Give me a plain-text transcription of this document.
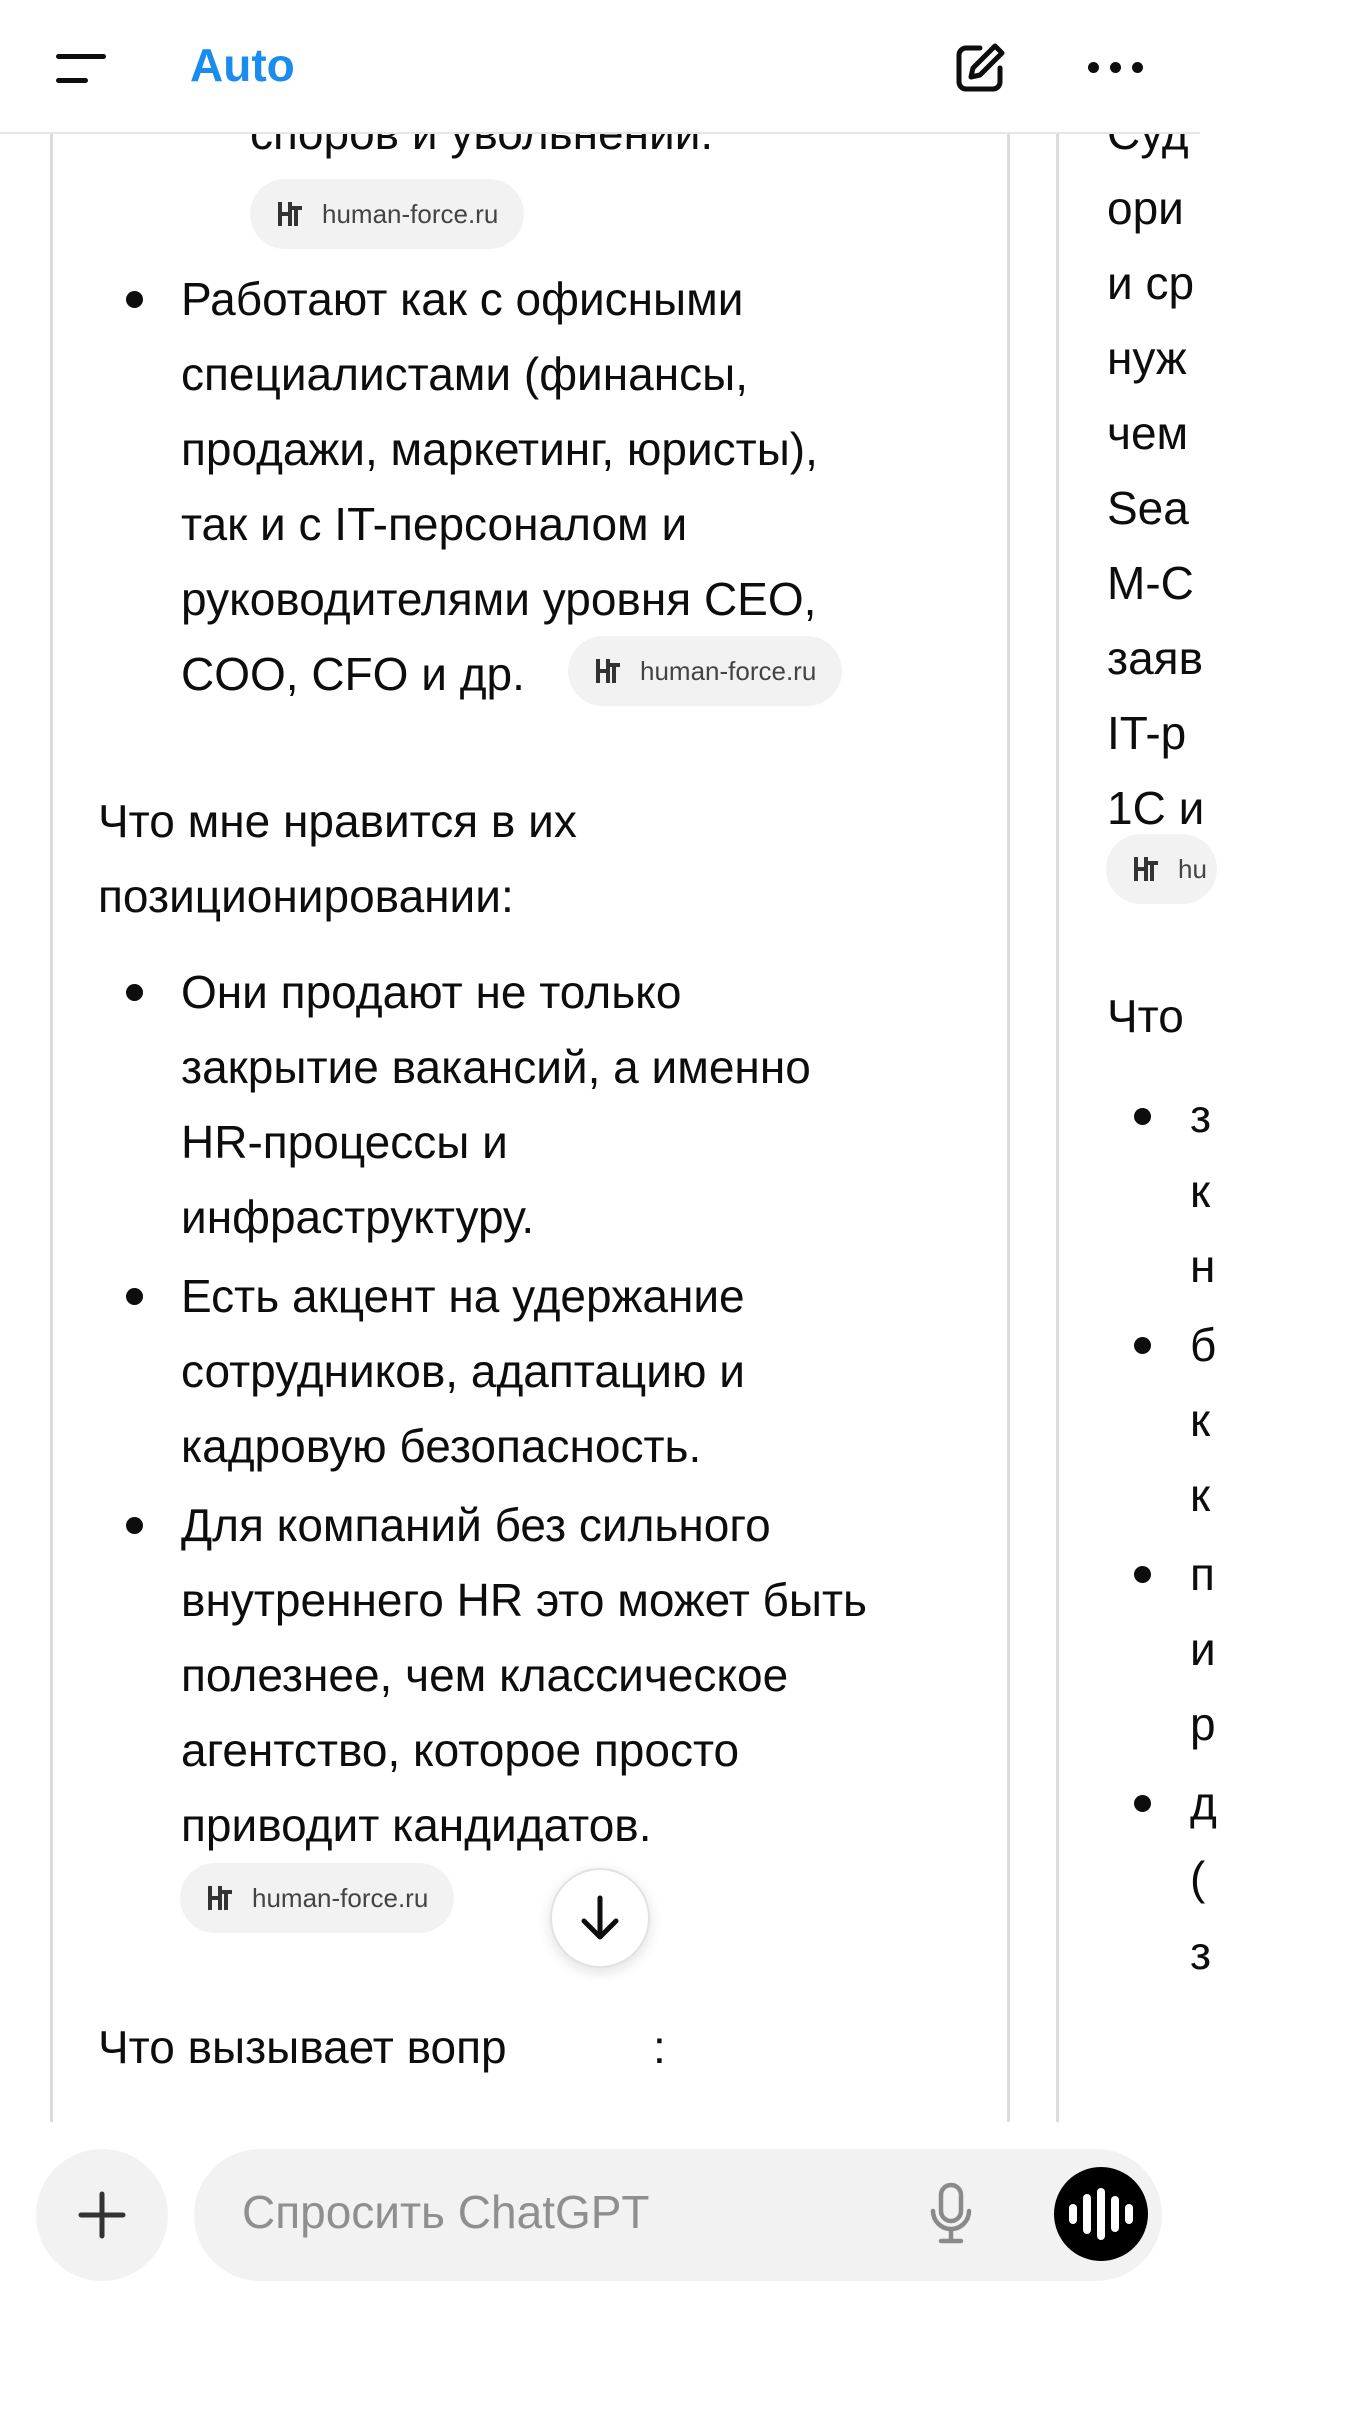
Auto
human-force.ru
Работают как с офисными
специалистами (финансы,
продажи, маркетинг, юристы),
так и с IT-персоналом и
руководителями уровня CEO,
COO, CFO и др.	human-force.ru
Что мне нравится в их
позиционировании:
Они продают не только
закрытие вакансий, а именно
HR-процессы и
инфраструктуру.
Есть акцент на удержание
сотрудников, адаптацию и
кадровую безопасность.
Для компаний без сильного
внутреннего HR это может быть
полезнее, чем классическое
агентство, которое просто
приводит кандидатов.
human-force.ru
Что вызывает вопр	:
ори
и ср
нуж
чем
Sea
M-C
заяв
IT-р
1С и
hu
Что
з
к
н
б
к
к
п
и
р
д
(
з
Спросить ChatGPT
